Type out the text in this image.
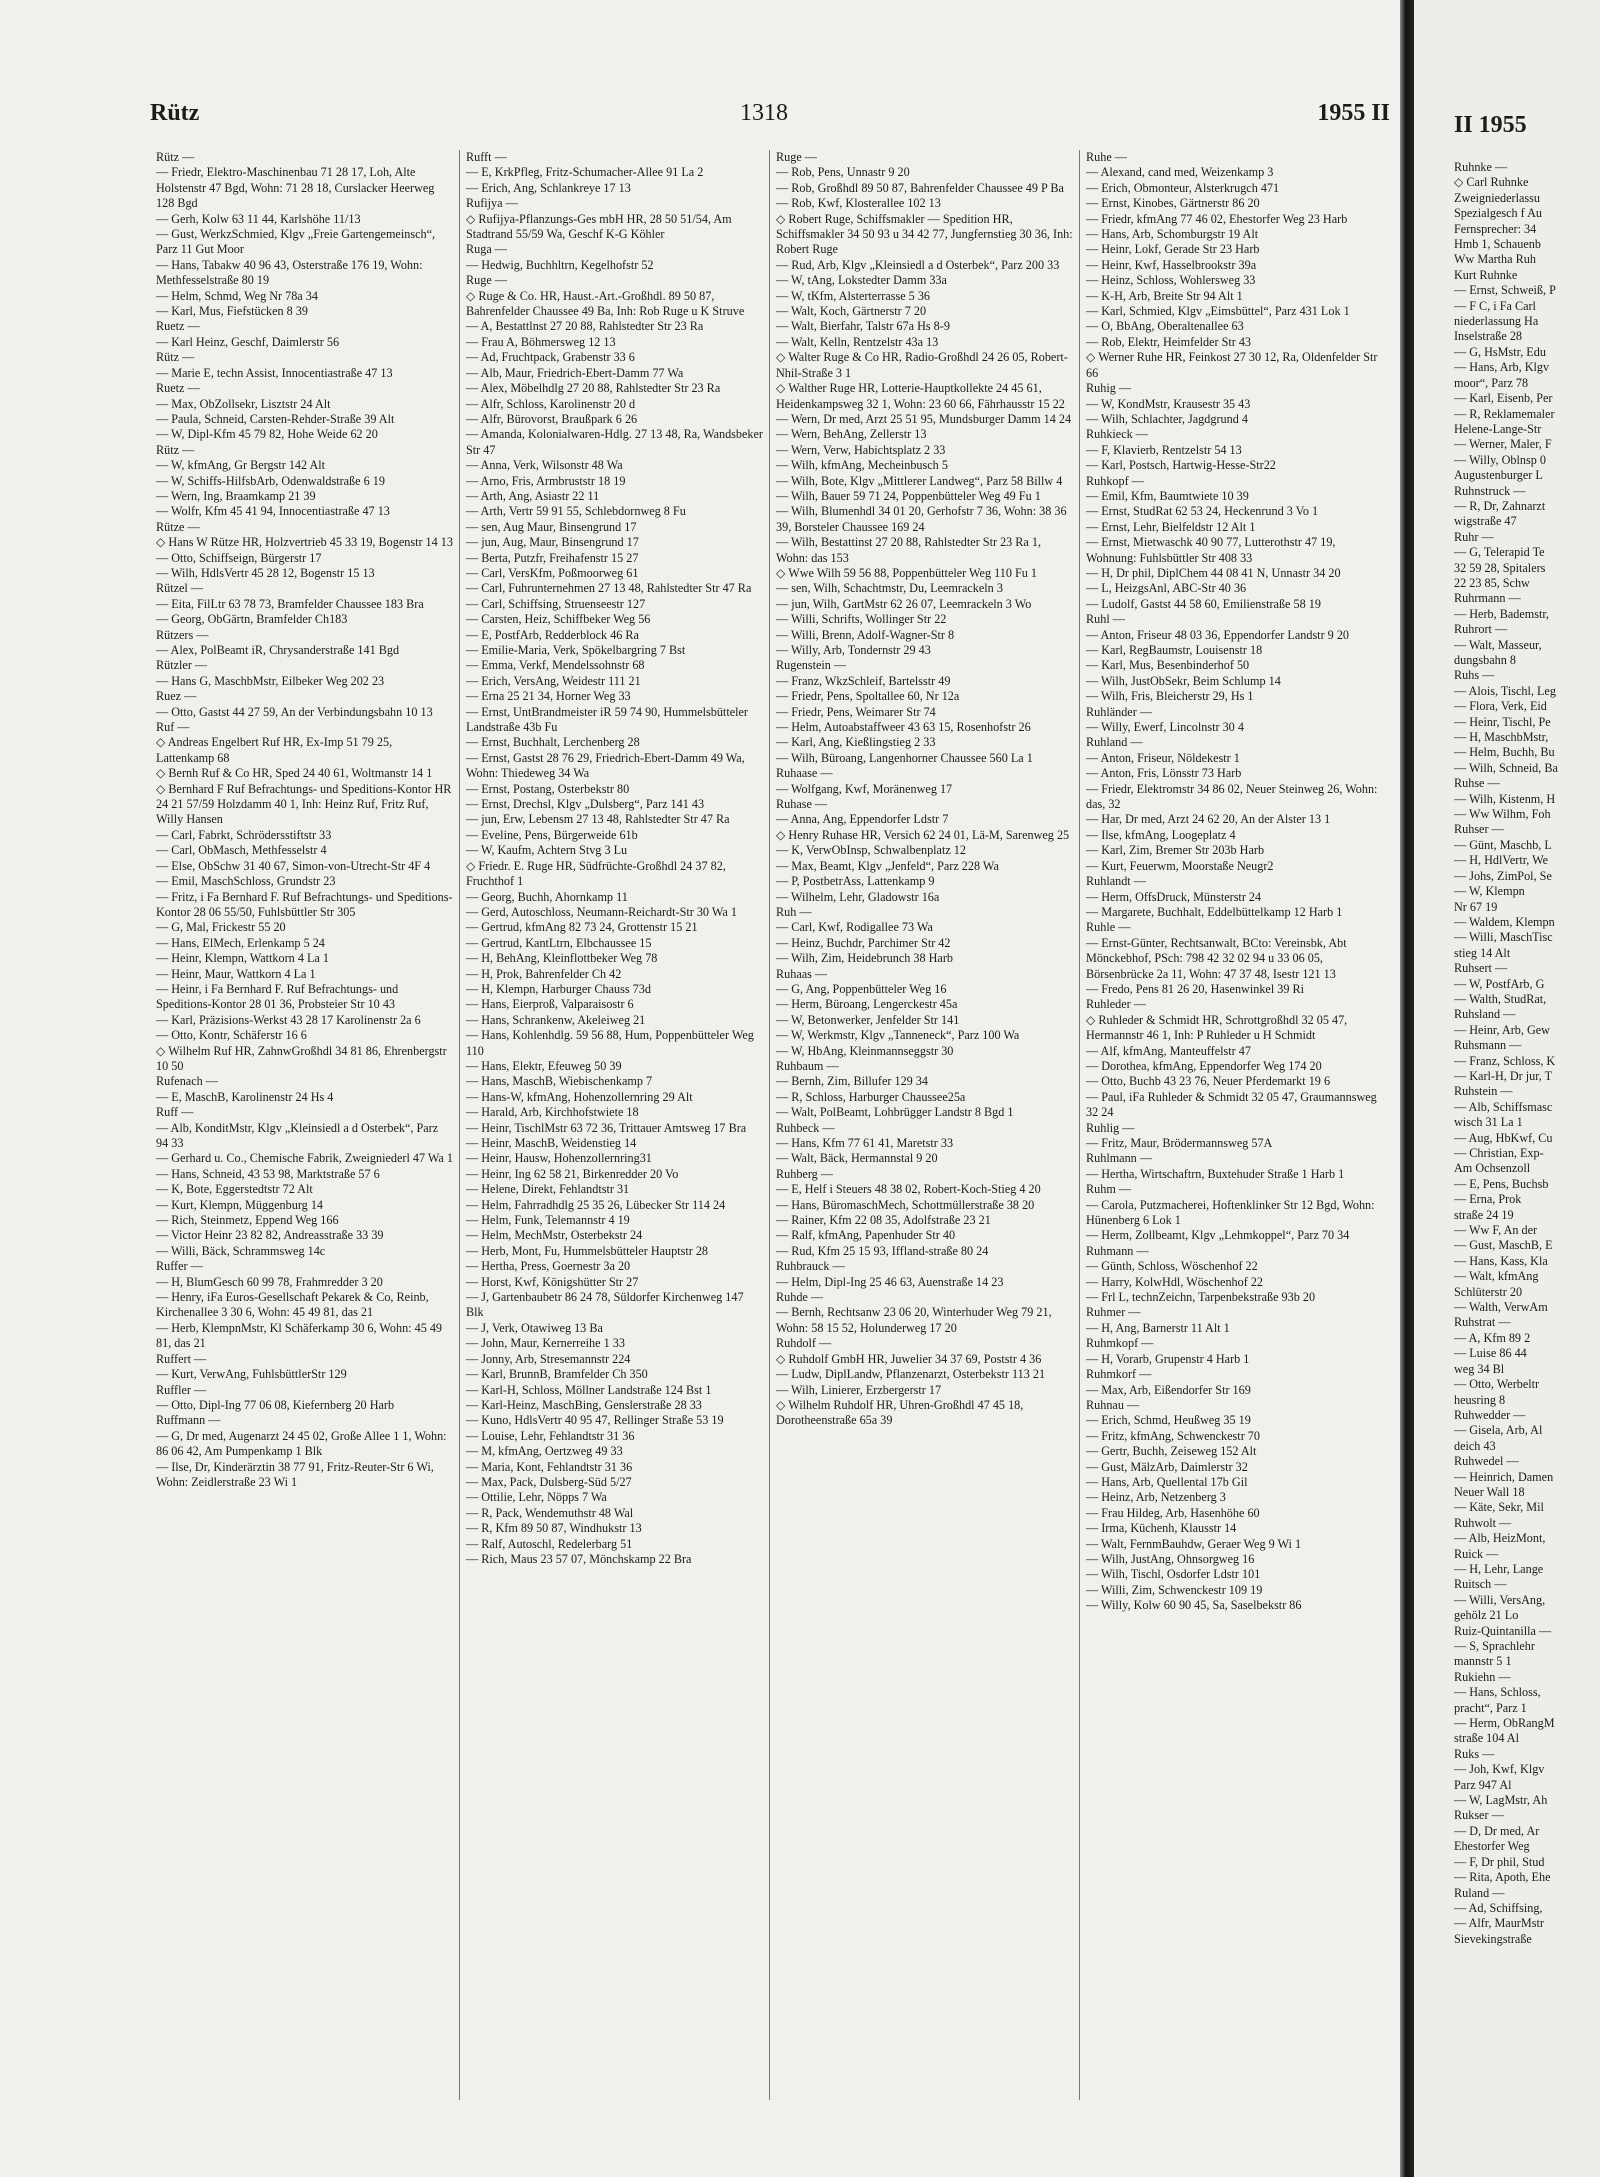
Rütz	1318	1955 II

Rütz —

— Friedr, Elektro-Maschinenbau 71 28 17, Loh, Alte Holstenstr 47 Bgd, Wohn: 71 28 18, Curslacker Heerweg 128 Bgd

— Gerh, Kolw 63 11 44, Karlshöhe 11/13

— Gust, WerkzSchmied, Klgv „Freie Gartengemeinsch“, Parz 11 Gut Moor

— Hans, Tabakw 40 96 43, Osterstraße 176 19, Wohn: Methfesselstraße 80 19

— Helm, Schmd, Weg Nr 78a 34

— Karl, Mus, Fiefstücken 8 39

Ruetz —

— Karl Heinz, Geschf, Daimlerstr 56

Rütz —

— Marie E, techn Assist, Innocentiastraße 47 13

Ruetz —

— Max, ObZollsekr, Lisztstr 24 Alt

— Paula, Schneid, Carsten-Rehder-Straße 39 Alt

— W, Dipl-Kfm 45 79 82, Hohe Weide 62 20

Rütz —

— W, kfmAng, Gr Bergstr 142 Alt

— W, Schiffs-HilfsbArb, Odenwaldstraße 6 19

— Wern, Ing, Braamkamp 21 39

— Wolfr, Kfm 45 41 94, Innocentiastraße 47 13

Rütze —

◇ Hans W Rütze HR, Holzvertrieb 45 33 19, Bogenstr 14 13

— Otto, Schiffseign, Bürgerstr 17

— Wilh, HdlsVertr 45 28 12, Bogenstr 15 13

Rützel —

— Eita, FilLtr 63 78 73, Bramfelder Chaussee 183 Bra

— Georg, ObGärtn, Bramfelder Ch183

Rützers —

— Alex, PolBeamt iR, Chrysanderstraße 141 Bgd

Rützler —

— Hans G, MaschbMstr, Eilbeker Weg 202 23

Ruez —

— Otto, Gastst 44 27 59, An der Verbindungsbahn 10 13

Ruf —

◇ Andreas Engelbert Ruf HR, Ex-Imp 51 79 25, Lattenkamp 68

◇ Bernh Ruf & Co HR, Sped 24 40 61, Woltmanstr 14 1

◇ Bernhard F Ruf Befrachtungs- und Speditions-Kontor HR 24 21 57/59 Holzdamm 40 1, Inh: Heinz Ruf, Fritz Ruf, Willy Hansen

— Carl, Fabrkt, Schrödersstiftstr 33

— Carl, ObMasch, Methfesselstr 4

— Else, ObSchw 31 40 67, Simon-von-Utrecht-Str 4F 4

— Emil, MaschSchloss, Grundstr 23

— Fritz, i Fa Bernhard F. Ruf Befrachtungs- und Speditions-Kontor 28 06 55/50, Fuhlsbüttler Str 305

— G, Mal, Frickestr 55 20

— Hans, ElMech, Erlenkamp 5 24

— Heinr, Klempn, Wattkorn 4 La 1

— Heinr, Maur, Wattkorn 4 La 1

— Heinr, i Fa Bernhard F. Ruf Befrachtungs- und Speditions-Kontor 28 01 36, Probsteier Str 10 43

— Karl, Präzisions-Werkst 43 28 17 Karolinenstr 2a 6

— Otto, Kontr, Schäferstr 16 6

◇ Wilhelm Ruf HR, ZahnwGroßhdl 34 81 86, Ehrenbergstr 10 50

Rufenach —

— E, MaschB, Karolinenstr 24 Hs 4

Ruff —

— Alb, KonditMstr, Klgv „Kleinsiedl a d Osterbek“, Parz 94 33

— Gerhard u. Co., Chemische Fabrik, Zweigniederl 47 Wa 1

— Hans, Schneid, 43 53 98, Marktstraße 57 6

— K, Bote, Eggerstedtstr 72 Alt

— Kurt, Klempn, Müggenburg 14

— Rich, Steinmetz, Eppend Weg 166

— Victor Heinr 23 82 82, Andreasstraße 33 39

— Willi, Bäck, Schrammsweg 14c

Ruffer —

— H, BlumGesch 60 99 78, Frahmredder 3 20

— Henry, iFa Euros-Gesellschaft Pekarek & Co, Reinb, Kirchenallee 3 30 6, Wohn: 45 49 81, das 21

— Herb, KlempnMstr, Kl Schäferkamp 30 6, Wohn: 45 49 81, das 21

Ruffert —

— Kurt, VerwAng, FuhlsbüttlerStr 129

Ruffler —

— Otto, Dipl-Ing 77 06 08, Kiefernberg 20 Harb

Ruffmann —

— G, Dr med, Augenarzt 24 45 02, Große Allee 1 1, Wohn: 86 06 42, Am Pumpenkamp 1 Blk

— Ilse, Dr, Kinderärztin 38 77 91, Fritz-Reuter-Str 6 Wi, Wohn: Zeidlerstraße 23 Wi 1

Rufft —

— E, KrkPfleg, Fritz-Schumacher-Allee 91 La 2

— Erich, Ang, Schlankreye 17 13

Rufijya —

◇ Rufijya-Pflanzungs-Ges mbH HR, 28 50 51/54, Am Stadtrand 55/59 Wa, Geschf K-G Köhler

Ruga —

— Hedwig, Buchhltrn, Kegelhofstr 52

Ruge —

◇ Ruge & Co. HR, Haust.-Art.-Großhdl. 89 50 87, Bahrenfelder Chaussee 49 Ba, Inh: Rob Ruge u K Struve

— A, Bestattlnst 27 20 88, Rahlstedter Str 23 Ra

— Frau A, Böhmersweg 12 13

— Ad, Fruchtpack, Grabenstr 33 6

— Alb, Maur, Friedrich-Ebert-Damm 77 Wa

— Alex, Möbelhdlg 27 20 88, Rahlstedter Str 23 Ra

— Alfr, Schloss, Karolinenstr 20 d

— Alfr, Bürovorst, Braußpark 6 26

— Amanda, Kolonialwaren-Hdlg. 27 13 48, Ra, Wandsbeker Str 47

— Anna, Verk, Wilsonstr 48 Wa

— Arno, Fris, Armbruststr 18 19

— Arth, Ang, Asiastr 22 11

— Arth, Vertr 59 91 55, Schlebdornweg 8 Fu

— sen, Aug Maur, Binsengrund 17

— jun, Aug, Maur, Binsengrund 17

— Berta, Putzfr, Freihafenstr 15 27

— Carl, VersKfm, Poßmoorweg 61

— Carl, Fuhrunternehmen 27 13 48, Rahlstedter Str 47 Ra

— Carl, Schiffsing, Struenseestr 127

— Carsten, Heiz, Schiffbeker Weg 56

— E, PostfArb, Redderblock 46 Ra

— Emilie-Maria, Verk, Spökelbargring 7 Bst

— Emma, Verkf, Mendelssohnstr 68

— Erich, VersAng, Weidestr 111 21

— Erna 25 21 34, Horner Weg 33

— Ernst, UntBrandmeister iR 59 74 90, Hummelsbütteler Landstraße 43b Fu

— Ernst, Buchhalt, Lerchenberg 28

— Ernst, Gastst 28 76 29, Friedrich-Ebert-Damm 49 Wa, Wohn: Thiedeweg 34 Wa

— Ernst, Postang, Osterbekstr 80

— Ernst, Drechsl, Klgv „Dulsberg“, Parz 141 43

— jun, Erw, Lebensm 27 13 48, Rahlstedter Str 47 Ra

— Eveline, Pens, Bürgerweide 61b

— W, Kaufm, Achtern Stvg 3 Lu

◇ Friedr. E. Ruge HR, Südfrüchte-Großhdl 24 37 82, Fruchthof 1

— Georg, Buchh, Ahornkamp 11

— Gerd, Autoschloss, Neumann-Reichardt-Str 30 Wa 1

— Gertrud, kfmAng 82 73 24, Grottenstr 15 21

— Gertrud, KantLtrn, Elbchaussee 15

— H, BehAng, Kleinflottbeker Weg 78

— H, Prok, Bahrenfelder Ch 42

— H, Klempn, Harburger Chauss 73d

— Hans, Eierproß, Valparaisostr 6

— Hans, Schrankenw, Akeleiweg 21

— Hans, Kohlenhdlg. 59 56 88, Hum, Poppenbütteler Weg 110

— Hans, Elektr, Efeuweg 50 39

— Hans, MaschB, Wiebischenkamp 7

— Hans-W, kfmAng, Hohenzollernring 29 Alt

— Harald, Arb, Kirchhofstwiete 18

— Heinr, TischlMstr 63 72 36, Trittauer Amtsweg 17 Bra

— Heinr, MaschB, Weidenstieg 14

— Heinr, Hausw, Hohenzollernring31

— Heinr, Ing 62 58 21, Birkenredder 20 Vo

— Helene, Direkt, Fehlandtstr 31

— Helm, Fahrradhdlg 25 35 26, Lübecker Str 114 24

— Helm, Funk, Telemannstr 4 19

— Helm, MechMstr, Osterbekstr 24

— Herb, Mont, Fu, Hummelsbütteler Hauptstr 28

— Hertha, Press, Goernestr 3a 20

— Horst, Kwf, Königshütter Str 27

— J, Gartenbaubetr 86 24 78, Süldorfer Kirchenweg 147 Blk

— J, Verk, Otawiweg 13 Ba

— John, Maur, Kernerreihe 1 33

— Jonny, Arb, Stresemannstr 224

— Karl, BrunnB, Bramfelder Ch 350

— Karl-H, Schloss, Möllner Landstraße 124 Bst 1

— Karl-Heinz, MaschBing, Genslerstraße 28 33

— Kuno, HdlsVertr 40 95 47, Rellinger Straße 53 19

— Louise, Lehr, Fehlandtstr 31 36

— M, kfmAng, Oertzweg 49 33

— Maria, Kont, Fehlandtstr 31 36

— Max, Pack, Dulsberg-Süd 5/27

— Ottilie, Lehr, Nöpps 7 Wa

— R, Pack, Wendemuthstr 48 Wal

— R, Kfm 89 50 87, Windhukstr 13

— Ralf, Autoschl, Redelerbarg 51

— Rich, Maus 23 57 07, Mönchskamp 22 Bra

Ruge —

— Rob, Pens, Unnastr 9 20

— Rob, Großhdl 89 50 87, Bahrenfelder Chaussee 49 P Ba

— Rob, Kwf, Klosterallee 102 13

◇ Robert Ruge, Schiffsmakler — Spedition HR, Schiffsmakler 34 50 93 u 34 42 77, Jungfernstieg 30 36, Inh: Robert Ruge

— Rud, Arb, Klgv „Kleinsiedl a d Osterbek“, Parz 200 33

— W, tAng, Lokstedter Damm 33a

— W, tKfm, Alsterterrasse 5 36

— Walt, Koch, Gärtnerstr 7 20

— Walt, Bierfahr, Talstr 67a Hs 8-9

— Walt, Kelln, Rentzelstr 43a 13

◇ Walter Ruge & Co HR, Radio-Großhdl 24 26 05, Robert-Nhil-Straße 3 1

◇ Walther Ruge HR, Lotterie-Hauptkollekte 24 45 61, Heidenkampsweg 32 1, Wohn: 23 60 66, Fährhausstr 15 22

— Wern, Dr med, Arzt 25 51 95, Mundsburger Damm 14 24

— Wern, BehAng, Zellerstr 13

— Wern, Verw, Habichtsplatz 2 33

— Wilh, kfmAng, Mecheinbusch 5

— Wilh, Bote, Klgv „Mittlerer Landweg“, Parz 58 Billw 4

— Wilh, Bauer 59 71 24, Poppenbütteler Weg 49 Fu 1

— Wilh, Blumenhdl 34 01 20, Gerhofstr 7 36, Wohn: 38 36 39, Borsteler Chaussee 169 24

— Wilh, Bestattinst 27 20 88, Rahlstedter Str 23 Ra 1, Wohn: das 153

◇ Wwe Wilh 59 56 88, Poppenbütteler Weg 110 Fu 1

— sen, Wilh, Schachtmstr, Du, Leemrackeln 3

— jun, Wilh, GartMstr 62 26 07, Leemrackeln 3 Wo

— Willi, Schrifts, Wollinger Str 22

— Willi, Brenn, Adolf-Wagner-Str 8

— Willy, Arb, Tondernstr 29 43

Rugenstein —

— Franz, WkzSchleif, Bartelsstr 49

— Friedr, Pens, Spoltallee 60, Nr 12a

— Friedr, Pens, Weimarer Str 74

— Helm, Autoabstaffweer 43 63 15, Rosenhofstr 26

— Karl, Ang, Kießlingstieg 2 33

— Wilh, Büroang, Langenhorner Chaussee 560 La 1

Ruhaase —

— Wolfgang, Kwf, Moränenweg 17

Ruhase —

— Anna, Ang, Eppendorfer Ldstr 7

◇ Henry Ruhase HR, Versich 62 24 01, Lä-M, Sarenweg 25

— K, VerwObInsp, Schwalbenplatz 12

— Max, Beamt, Klgv „Jenfeld“, Parz 228 Wa

— P, PostbetrAss, Lattenkamp 9

— Wilhelm, Lehr, Gladowstr 16a

Ruh —

— Carl, Kwf, Rodigallee 73 Wa

— Heinz, Buchdr, Parchimer Str 42

— Wilh, Zim, Heidebrunch 38 Harb

Ruhaas —

— G, Ang, Poppenbütteler Weg 16

— Herm, Büroang, Lengerckestr 45a

— W, Betonwerker, Jenfelder Str 141

— W, Werkmstr, Klgv „Tanneneck“, Parz 100 Wa

— W, HbAng, Kleinmannseggstr 30

Ruhbaum —

— Bernh, Zim, Billufer 129 34

— R, Schloss, Harburger Chaussee25a

— Walt, PolBeamt, Lohbrügger Landstr 8 Bgd 1

Ruhbeck —

— Hans, Kfm 77 61 41, Maretstr 33

— Walt, Bäck, Hermannstal 9 20

Ruhberg —

— E, Helf i Steuers 48 38 02, Robert-Koch-Stieg 4 20

— Hans, BüromaschMech, Schottmüllerstraße 38 20

— Rainer, Kfm 22 08 35, Adolfstraße 23 21

— Ralf, kfmAng, Papenhuder Str 40

— Rud, Kfm 25 15 93, Iffland-straße 80 24

Ruhbrauck —

— Helm, Dipl-Ing 25 46 63, Auenstraße 14 23

Ruhde —

— Bernh, Rechtsanw 23 06 20, Winterhuder Weg 79 21, Wohn: 58 15 52, Holunderweg 17 20

Ruhdolf —

◇ Ruhdolf GmbH HR, Juwelier 34 37 69, Poststr 4 36

— Ludw, DiplLandw, Pflanzenarzt, Osterbekstr 113 21

— Wilh, Linierer, Erzbergerstr 17

◇ Wilhelm Ruhdolf HR, Uhren-Großhdl 47 45 18, Dorotheenstraße 65a 39

Ruhe —

— Alexand, cand med, Weizenkamp 3

— Erich, Obmonteur, Alsterkrugch 471

— Ernst, Kinobes, Gärtnerstr 86 20

— Friedr, kfmAng 77 46 02, Ehestorfer Weg 23 Harb

— Hans, Arb, Schomburgstr 19 Alt

— Heinr, Lokf, Gerade Str 23 Harb

— Heinr, Kwf, Hasselbrookstr 39a

— Heinz, Schloss, Wohlersweg 33

— K-H, Arb, Breite Str 94 Alt 1

— Karl, Schmied, Klgv „Eimsbüttel“, Parz 431 Lok 1

— O, BbAng, Oberaltenallee 63

— Rob, Elektr, Heimfelder Str 43

◇ Werner Ruhe HR, Feinkost 27 30 12, Ra, Oldenfelder Str 66

Ruhig —

— W, KondMstr, Krausestr 35 43

— Wilh, Schlachter, Jagdgrund 4

Ruhkieck —

— F, Klavierb, Rentzelstr 54 13

— Karl, Postsch, Hartwig-Hesse-Str22

Ruhkopf —

— Emil, Kfm, Baumtwiete 10 39

— Ernst, StudRat 62 53 24, Heckenrund 3 Vo 1

— Ernst, Lehr, Bielfeldstr 12 Alt 1

— Ernst, Mietwaschk 40 90 77, Lutterothstr 47 19, Wohnung: Fuhlsbüttler Str 408 33

— H, Dr phil, DiplChem 44 08 41 N, Unnastr 34 20

— L, HeizgsAnl, ABC-Str 40 36

— Ludolf, Gastst 44 58 60, Emilienstraße 58 19

Ruhl —

— Anton, Friseur 48 03 36, Eppendorfer Landstr 9 20

— Karl, RegBaumstr, Louisenstr 18

— Karl, Mus, Besenbinderhof 50

— Wilh, JustObSekr, Beim Schlump 14

— Wilh, Fris, Bleicherstr 29, Hs 1

Ruhländer —

— Willy, Ewerf, Lincolnstr 30 4

Ruhland —

— Anton, Friseur, Nöldekestr 1

— Anton, Fris, Lönsstr 73 Harb

— Friedr, Elektromstr 34 86 02, Neuer Steinweg 26, Wohn: das, 32

— Har, Dr med, Arzt 24 62 20, An der Alster 13 1

— Ilse, kfmAng, Loogeplatz 4

— Karl, Zim, Bremer Str 203b Harb

— Kurt, Feuerwm, Moorstaße Neugr2

Ruhlandt —

— Herm, OffsDruck, Münsterstr 24

— Margarete, Buchhalt, Eddelbüttelkamp 12 Harb 1

Ruhle —

— Ernst-Günter, Rechtsanwalt, BCto: Vereinsbk, Abt Mönckebhof, PSch: 798 42 32 02 94 u 33 06 05, Börsenbrücke 2a 11, Wohn: 47 37 48, Isestr 121 13

— Fredo, Pens 81 26 20, Hasenwinkel 39 Ri

Ruhleder —

◇ Ruhleder & Schmidt HR, Schrottgroßhdl 32 05 47, Hermannstr 46 1, Inh: P Ruhleder u H Schmidt

— Alf, kfmAng, Manteuffelstr 47

— Dorothea, kfmAng, Eppendorfer Weg 174 20

— Otto, Buchb 43 23 76, Neuer Pferdemarkt 19 6

— Paul, iFa Ruhleder & Schmidt 32 05 47, Graumannsweg 32 24

Ruhlig —

— Fritz, Maur, Brödermannsweg 57A

Ruhlmann —

— Hertha, Wirtschaftrn, Buxtehuder Straße 1 Harb 1

Ruhm —

— Carola, Putzmacherei, Hoftenklinker Str 12 Bgd, Wohn: Hünenberg 6 Lok 1

— Herm, Zollbeamt, Klgv „Lehmkoppel“, Parz 70 34

Ruhmann —

— Günth, Schloss, Wöschenhof 22

— Harry, KolwHdl, Wöschenhof 22

— Frl L, technZeichn, Tarpenbekstraße 93b 20

Ruhmer —

— H, Ang, Barnerstr 11 Alt 1

Ruhmkopf —

— H, Vorarb, Grupenstr 4 Harb 1

Ruhmkorf —

— Max, Arb, Eißendorfer Str 169

Ruhnau —

— Erich, Schmd, Heußweg 35 19

— Fritz, kfmAng, Schwenckestr 70

— Gertr, Buchh, Zeiseweg 152 Alt

— Gust, MälzArb, Daimlerstr 32

— Hans, Arb, Quellental 17b Gil

— Heinz, Arb, Netzenberg 3

— Frau Hildeg, Arb, Hasenhöhe 60

— Irma, Küchenh, Klausstr 14

— Walt, FernmBauhdw, Geraer Weg 9 Wi 1

— Wilh, JustAng, Ohnsorgweg 16

— Wilh, Tischl, Osdorfer Ldstr 101

— Willi, Zim, Schwenckestr 109 19

— Willy, Kolw 60 90 45, Sa, Saselbekstr 86

II 1955
Ruhnke —
◇ Carl Ruhnke
Zweigniederlassu
Spezialgesch f Au
Fernsprecher: 34
Hmb 1, Schauenb
Ww Martha Ruh
Kurt Ruhnke
— Ernst, Schweiß, P
— F C, i Fa Carl
niederlassung Ha
Inselstraße 28
— G, HsMstr, Edu
— Hans, Arb, Klgv
moor“, Parz 78
— Karl, Eisenb, Per
— R, Reklamemaler
Helene-Lange-Str
— Werner, Maler, F
— Willy, Oblnsp 0
Augustenburger L
Ruhnstruck —
— R, Dr, Zahnarzt
wigstraße 47
Ruhr —
— G, Telerapid Te
32 59 28, Spitalers
22 23 85, Schw
Ruhrmann —
— Herb, Bademstr,
Ruhrort —
— Walt, Masseur,
dungsbahn 8
Ruhs —
— Alois, Tischl, Leg
— Flora, Verk, Eid
— Heinr, Tischl, Pe
— H, MaschbMstr,
— Helm, Buchh, Bu
— Wilh, Schneid, Ba
Ruhse —
— Wilh, Kistenm, H
— Ww Wilhm, Foh
Ruhser —
— Günt, Maschb, L
— H, HdlVertr, We
— Johs, ZimPol, Se
— W, Klempn
Nr 67 19
— Waldem, Klempn
— Willi, MaschTisc
stieg 14 Alt
Ruhsert —
— W, PostfArb, G
— Walth, StudRat,
Ruhsland —
— Heinr, Arb, Gew
Ruhsmann —
— Franz, Schloss, K
— Karl-H, Dr jur, T
Ruhstein —
— Alb, Schiffsmasc
wisch 31 La 1
— Aug, HbKwf, Cu
— Christian, Exp-
Am Ochsenzoll
— E, Pens, Buchsb
— Erna, Prok
straße 24 19
— Ww F, An der
— Gust, MaschB, E
— Hans, Kass, Kla
— Walt, kfmAng
Schlüterstr 20
— Walth, VerwAm
Ruhstrat —
— A, Kfm 89 2
— Luise 86 44
weg 34 Bl
— Otto, Werbeltr
heusring 8
Ruhwedder —
— Gisela, Arb, Al
deich 43
Ruhwedel —
— Heinrich, Damen
Neuer Wall 18
— Käte, Sekr, Mil
Ruhwolt —
— Alb, HeizMont,
Ruick —
— H, Lehr, Lange
Ruitsch —
— Willi, VersAng,
gehölz 21 Lo
Ruiz-Quintanilla —
— S, Sprachlehr
mannstr 5 1
Rukiehn —
— Hans, Schloss,
pracht“, Parz 1
— Herm, ObRangM
straße 104 Al
Ruks —
— Joh, Kwf, Klgv
Parz 947 Al
— W, LagMstr, Ah
Rukser —
— D, Dr med, Ar
Ehestorfer Weg
— F, Dr phil, Stud
— Rita, Apoth, Ehe
Ruland —
— Ad, Schiffsing,
— Alfr, MaurMstr
Sievekingstraße
